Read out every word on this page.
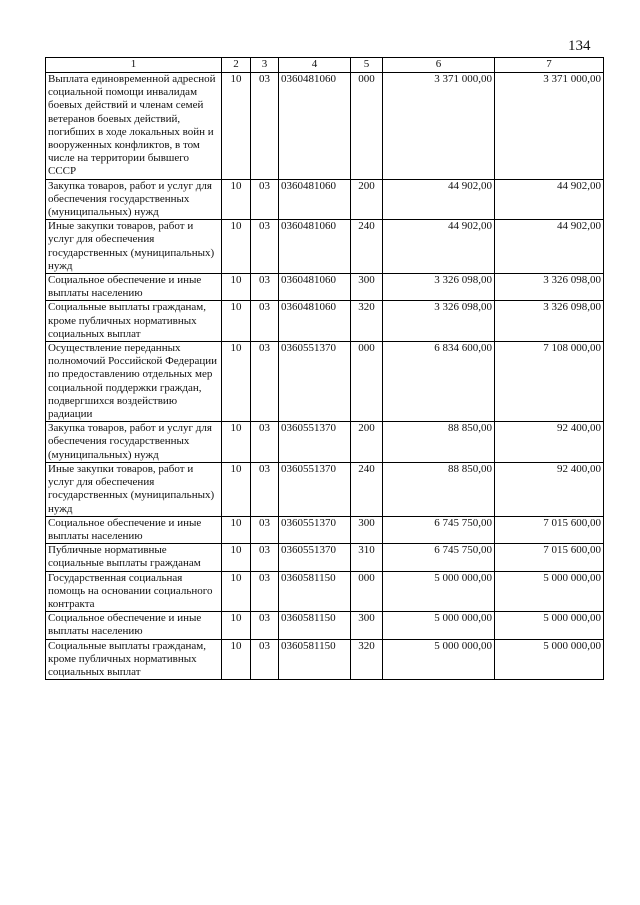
134
1	2	3	4	5	6	7
Выплата единовременной адресной социальной помощи инвалидам боевых действий и членам семей ветеранов боевых действий, погибших в ходе локальных войн и вооруженных конфликтов, в том числе на территории бывшего СССР	10	03	0360481060	000	3 371 000,00	3 371 000,00
Закупка товаров, работ и услуг для обеспечения государственных (муниципальных) нужд	10	03	0360481060	200	44 902,00	44 902,00
Иные закупки товаров, работ и услуг для обеспечения государственных (муниципальных) нужд	10	03	0360481060	240	44 902,00	44 902,00
Социальное обеспечение и иные выплаты населению	10	03	0360481060	300	3 326 098,00	3 326 098,00
Социальные выплаты гражданам, кроме публичных нормативных социальных выплат	10	03	0360481060	320	3 326 098,00	3 326 098,00
Осуществление переданных полномочий Российской Федерации по предоставлению отдельных мер социальной поддержки граждан, подвергшихся воздействию радиации	10	03	0360551370	000	6 834 600,00	7 108 000,00
Закупка товаров, работ и услуг для обеспечения государственных (муниципальных) нужд	10	03	0360551370	200	88 850,00	92 400,00
Иные закупки товаров, работ и услуг для обеспечения государственных (муниципальных) нужд	10	03	0360551370	240	88 850,00	92 400,00
Социальное обеспечение и иные выплаты населению	10	03	0360551370	300	6 745 750,00	7 015 600,00
Публичные нормативные социальные выплаты гражданам	10	03	0360551370	310	6 745 750,00	7 015 600,00
Государственная социальная помощь на основании социального контракта	10	03	0360581150	000	5 000 000,00	5 000 000,00
Социальное обеспечение и иные выплаты населению	10	03	0360581150	300	5 000 000,00	5 000 000,00
Социальные выплаты гражданам, кроме публичных нормативных социальных выплат	10	03	0360581150	320	5 000 000,00	5 000 000,00
